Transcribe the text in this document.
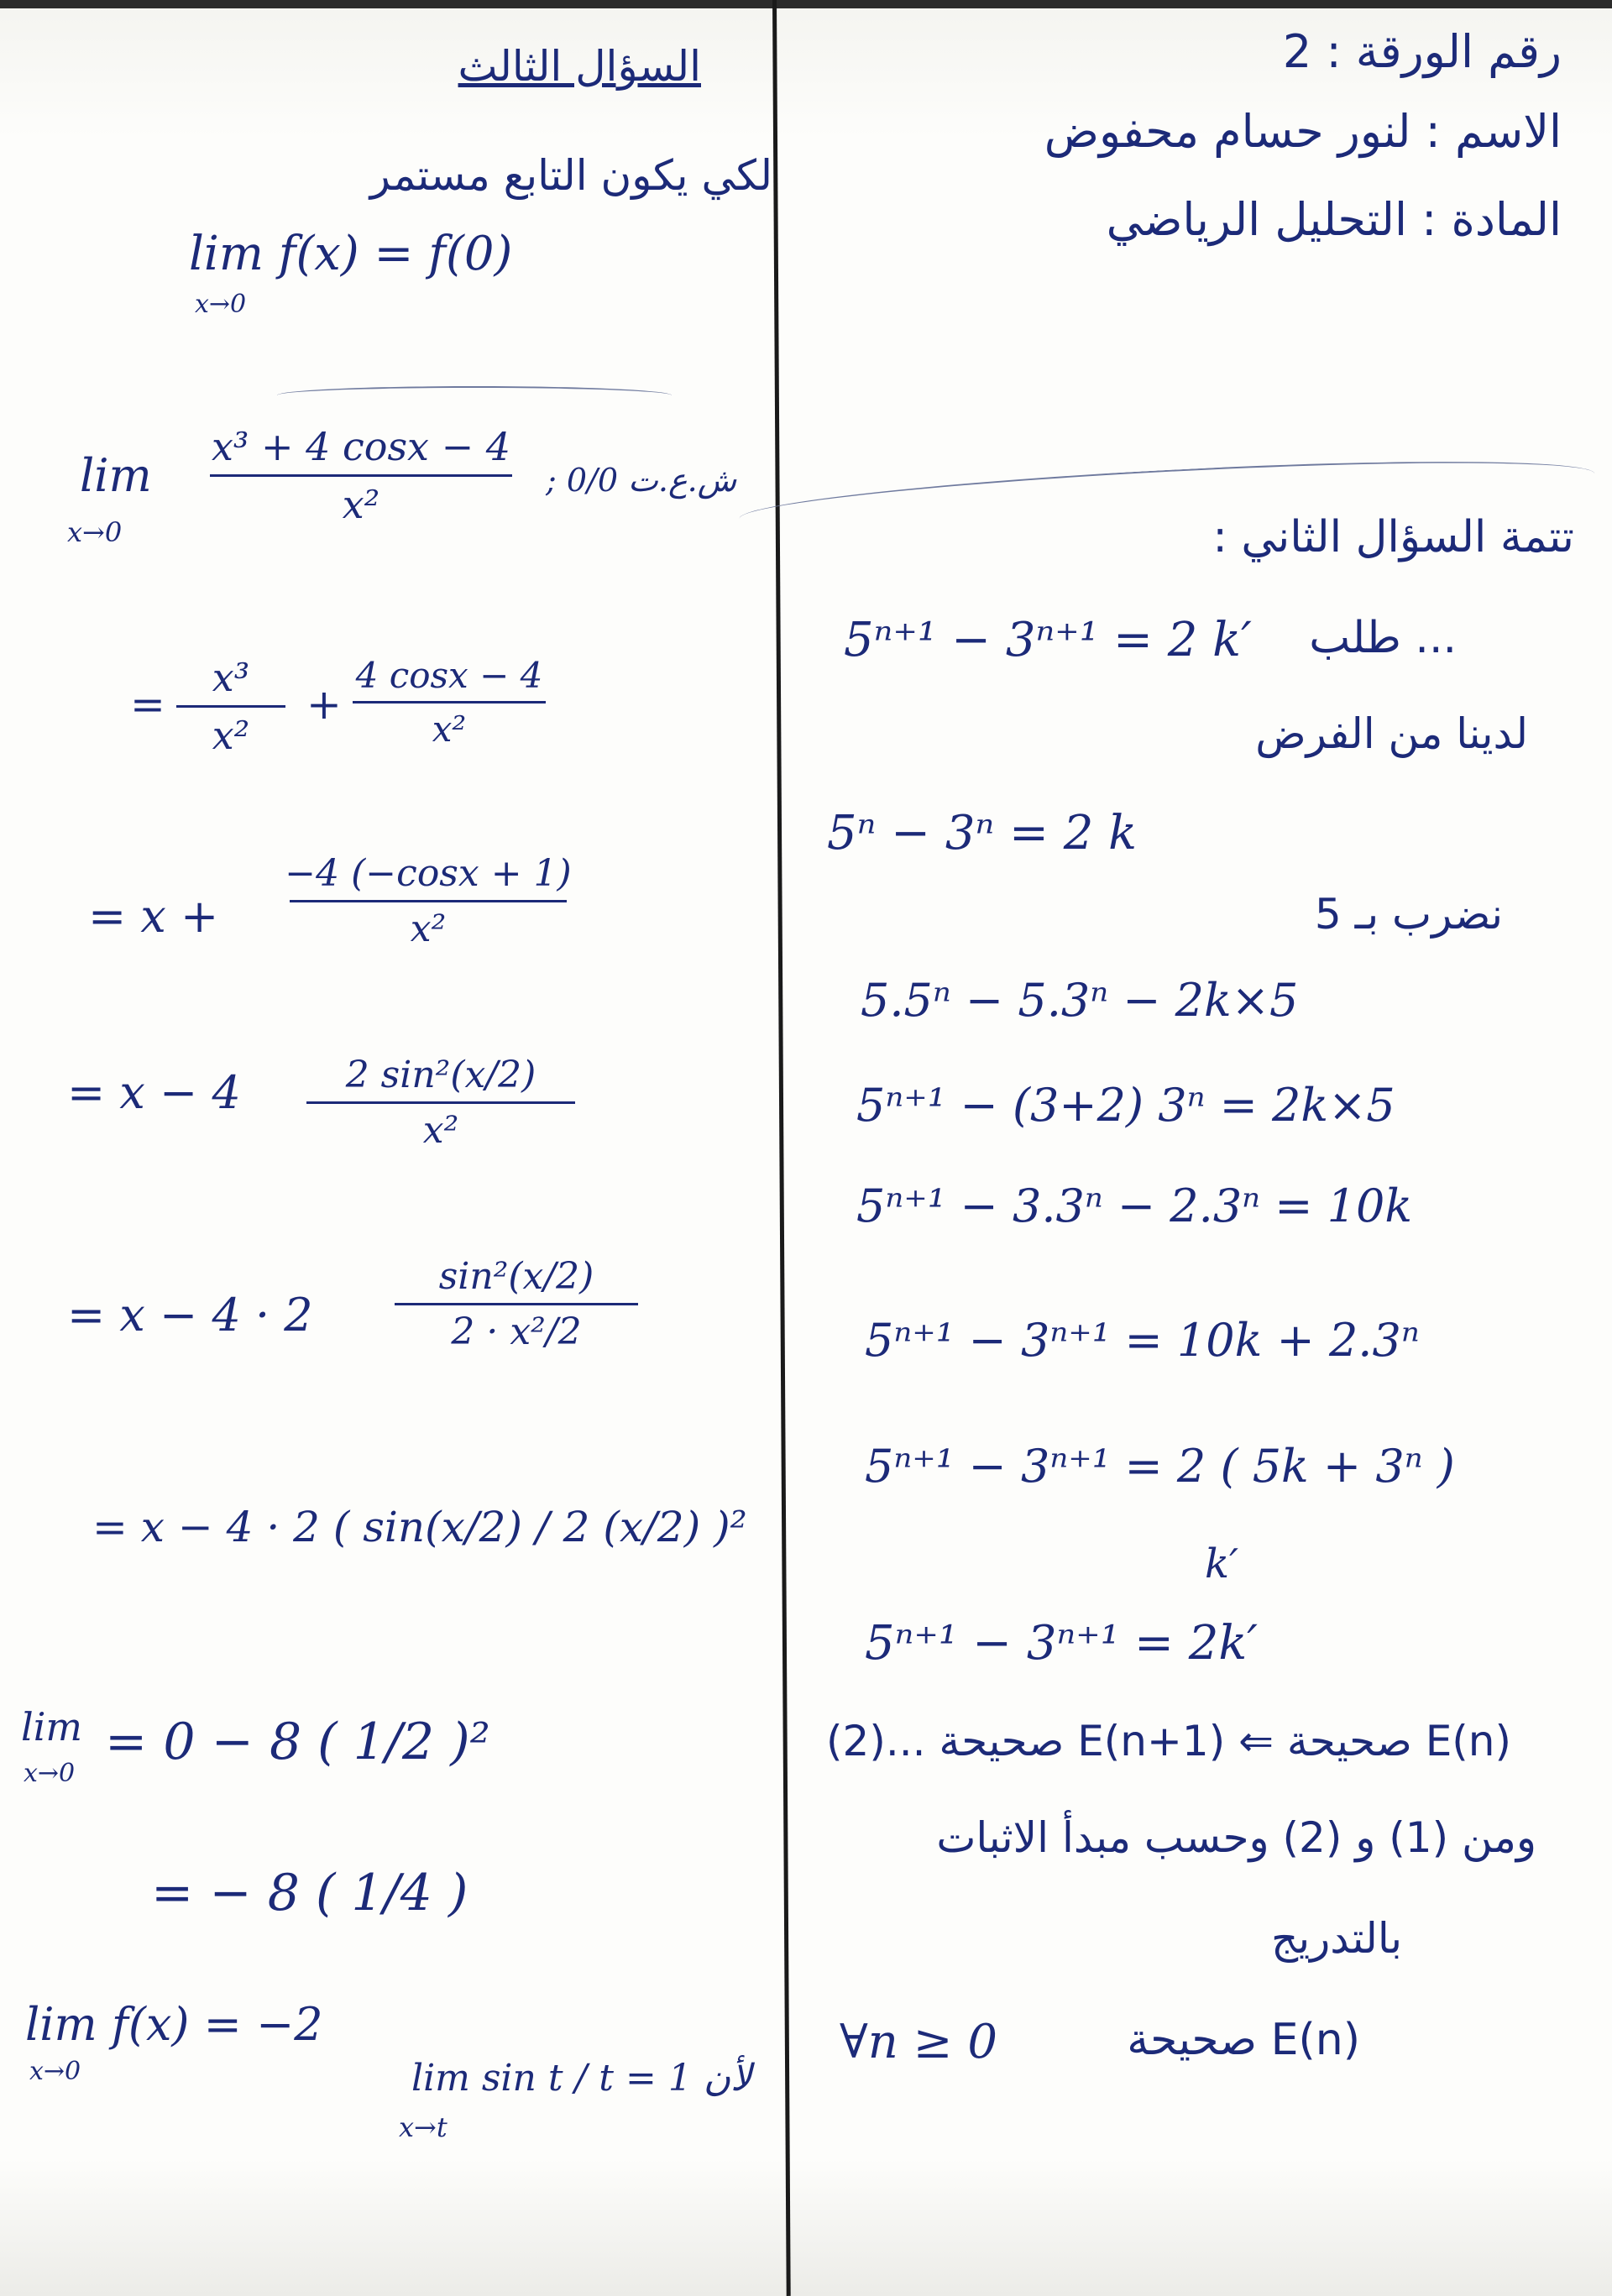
رقم الورقة : 2
الاسم : لنور حسام محفوض
المادة : التحليل الرياضي
تتمة السؤال الثاني :
5ⁿ⁺¹ − 3ⁿ⁺¹ = 2 k′ ... طلب
لدينا من الفرض
5ⁿ − 3ⁿ = 2 k
نضرب بـ 5
5.5ⁿ − 5.3ⁿ − 2k×5
5ⁿ⁺¹ − (3+2) 3ⁿ = 2k×5
5ⁿ⁺¹ − 3.3ⁿ − 2.3ⁿ = 10k
5ⁿ⁺¹ − 3ⁿ⁺¹ = 10k + 2.3ⁿ
5ⁿ⁺¹ − 3ⁿ⁺¹ = 2 ( 5k + 3ⁿ )
k′
5ⁿ⁺¹ − 3ⁿ⁺¹ = 2k′
E(n) صحيحة ⇐ E(n+1) صحيحة ...(2)
ومن (1) و (2) وحسب مبدأ الاثبات
بالتدريج
∀n ≥ 0	E(n) صحيحة
السؤال الثالث
لكي يكون التابع مستمر
lim f(x) = f(0)
x→0
lim
x→0
x³ + 4 cosx − 4
x²
; 0/0 ش.ع.ت
=
x³
x²
+
4 cosx − 4
x²
= x +
−4 (−cosx + 1)
x²
= x − 4	2 sin²(x/2)
x²
= x − 4 · 2
sin²(x/2)
2 · x²/2
= x − 4 · 2 ( sin(x/2) / 2 (x/2) )²
lim
x→0
= 0 − 8 ( 1/2 )²
= − 8 ( 1/4 )
lim f(x) = −2
x→0	lim sin t / t = 1 لأن
x→t
